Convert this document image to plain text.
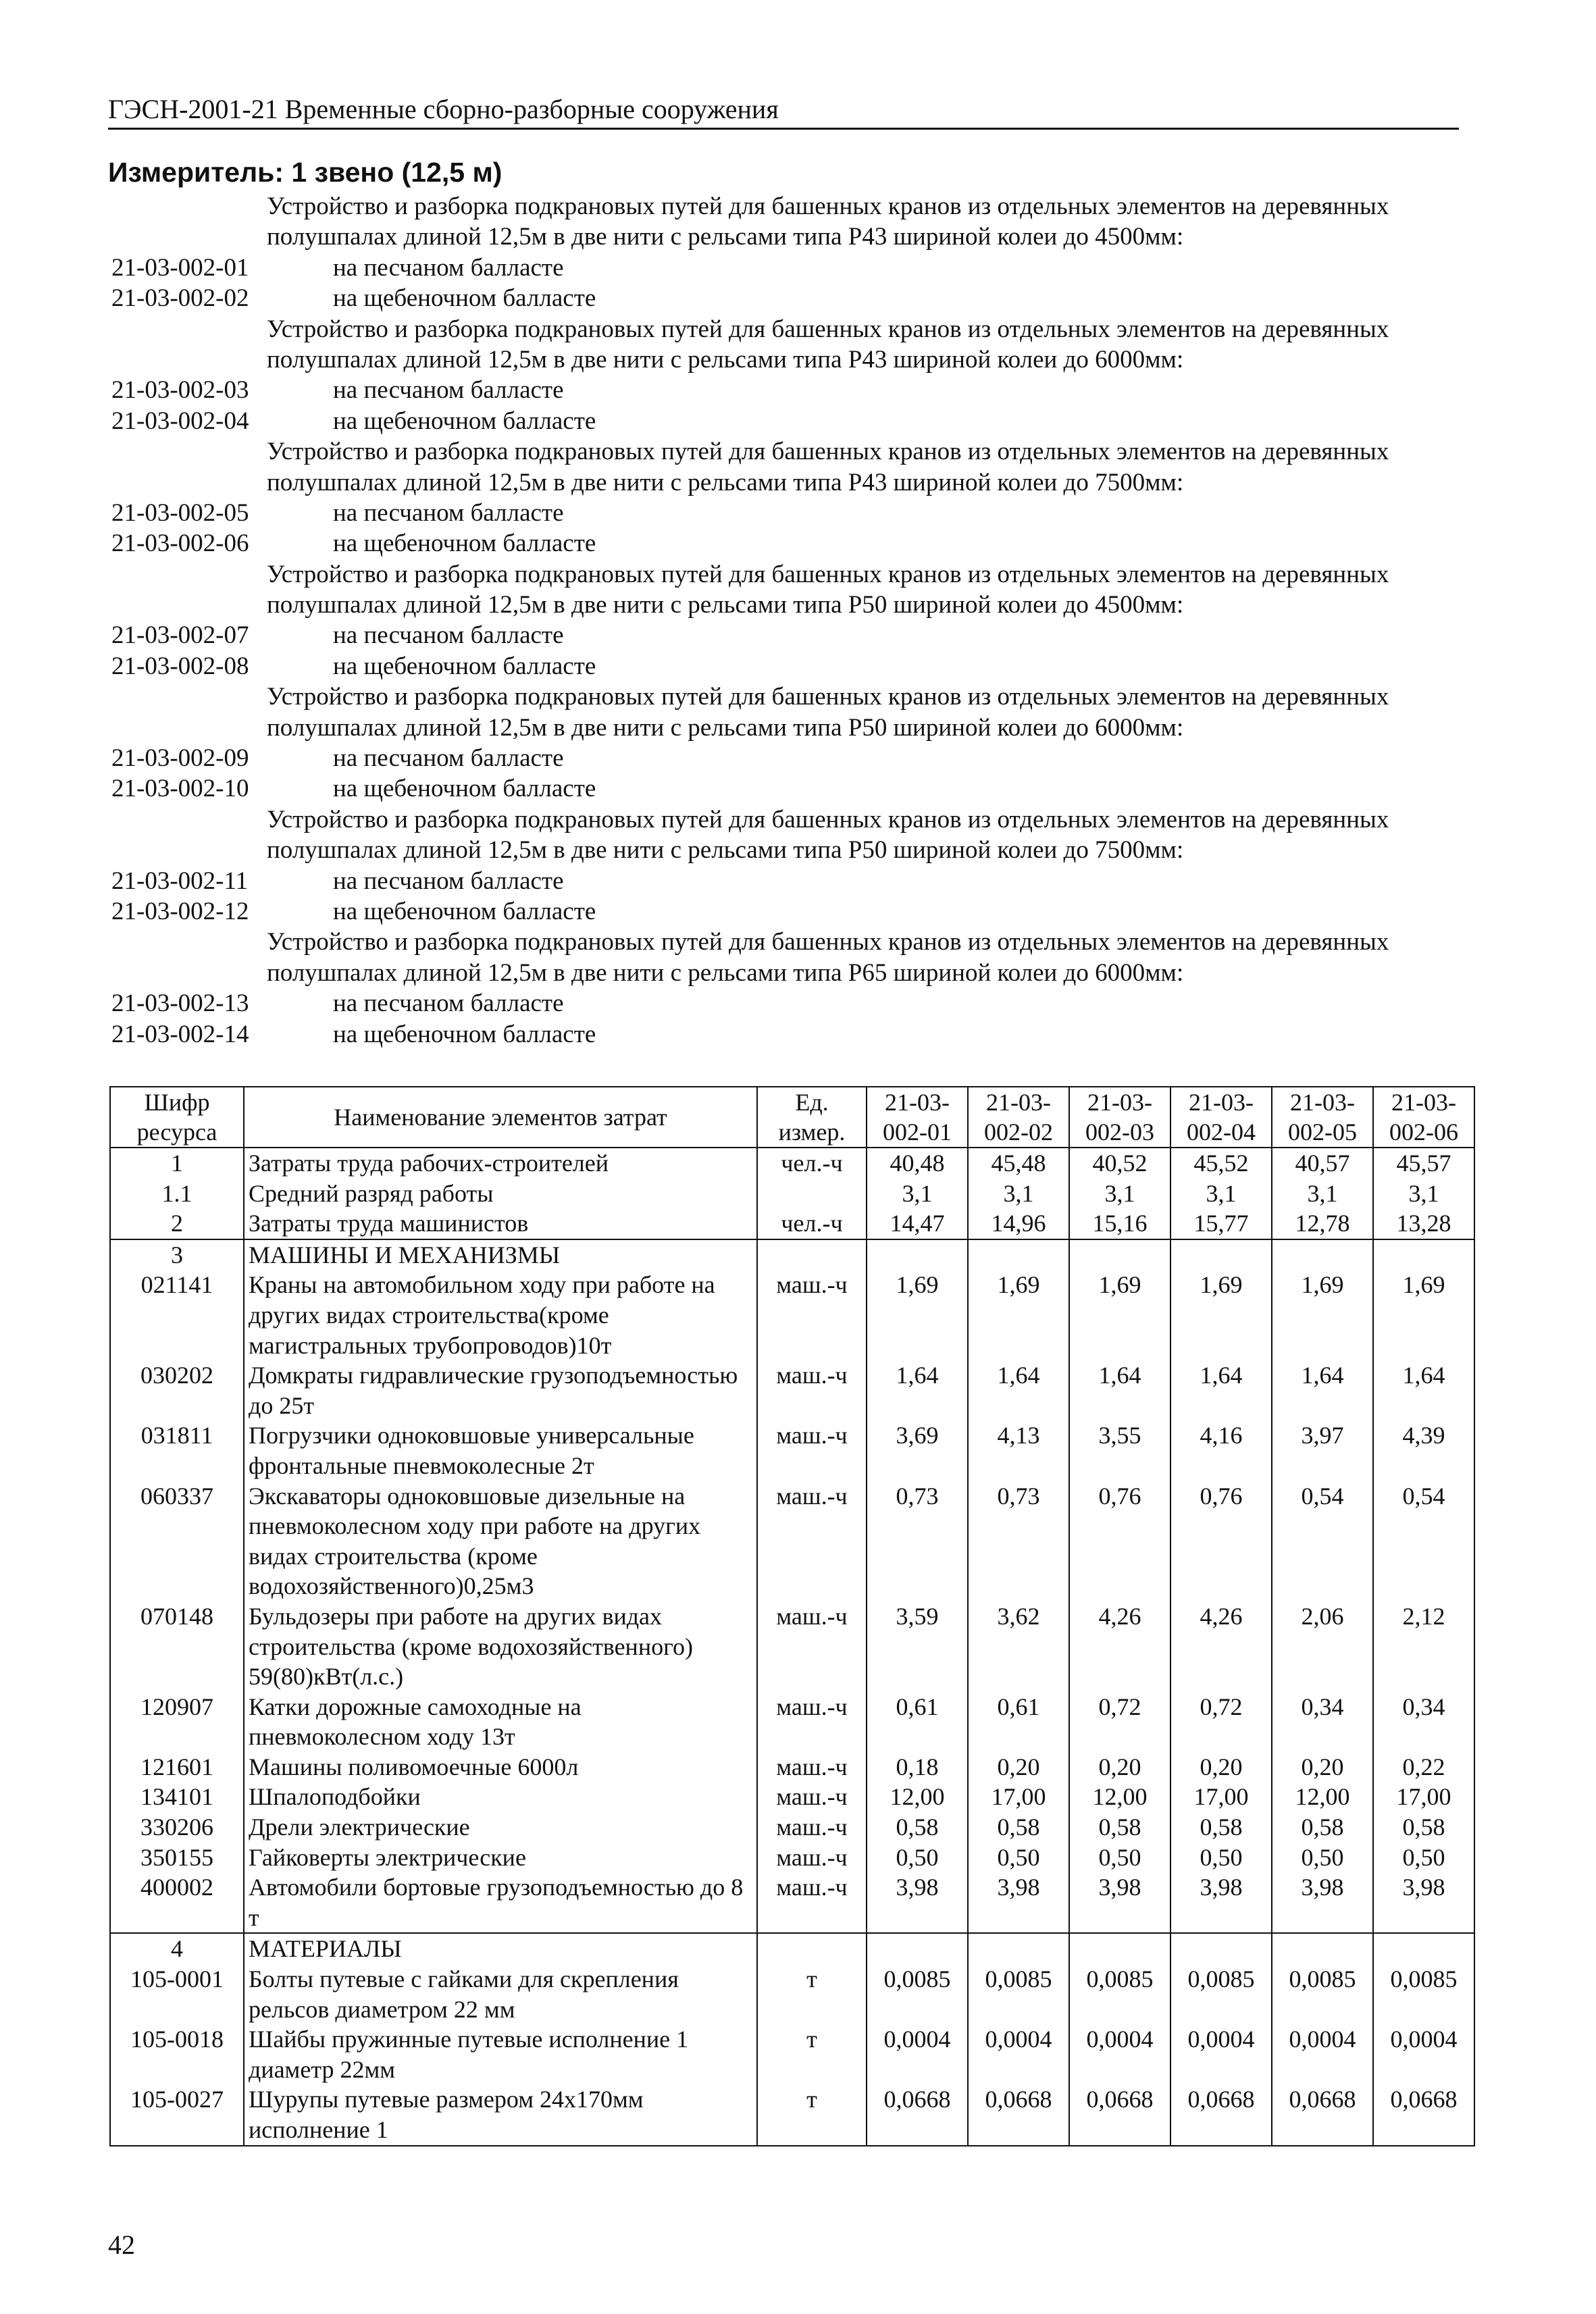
ГЭСН-2001-21 Временные сборно-разборные сооружения
Измеритель: 1 звено (12,5 м)
Устройство и разборка подкрановых путей для башенных кранов из отдельных элементов на деревянных
полушпалах длиной 12,5м в две нити с рельсами типа Р43 шириной колеи до 4500мм:
21-03-002-01	на песчаном балласте
21-03-002-02	на щебеночном балласте
Устройство и разборка подкрановых путей для башенных кранов из отдельных элементов на деревянных
полушпалах длиной 12,5м в две нити с рельсами типа Р43 шириной колеи до 6000мм:
21-03-002-03	на песчаном балласте
21-03-002-04	на щебеночном балласте
Устройство и разборка подкрановых путей для башенных кранов из отдельных элементов на деревянных
полушпалах длиной 12,5м в две нити с рельсами типа Р43 шириной колеи до 7500мм:
21-03-002-05	на песчаном балласте
21-03-002-06	на щебеночном балласте
Устройство и разборка подкрановых путей для башенных кранов из отдельных элементов на деревянных
полушпалах длиной 12,5м в две нити с рельсами типа Р50 шириной колеи до 4500мм:
21-03-002-07	на песчаном балласте
21-03-002-08	на щебеночном балласте
Устройство и разборка подкрановых путей для башенных кранов из отдельных элементов на деревянных
полушпалах длиной 12,5м в две нити с рельсами типа Р50 шириной колеи до 6000мм:
21-03-002-09	на песчаном балласте
21-03-002-10	на щебеночном балласте
Устройство и разборка подкрановых путей для башенных кранов из отдельных элементов на деревянных
полушпалах длиной 12,5м в две нити с рельсами типа Р50 шириной колеи до 7500мм:
21-03-002-11	на песчаном балласте
21-03-002-12	на щебеночном балласте
Устройство и разборка подкрановых путей для башенных кранов из отдельных элементов на деревянных
полушпалах длиной 12,5м в две нити с рельсами типа Р65 шириной колеи до 6000мм:
21-03-002-13	на песчаном балласте
21-03-002-14	на щебеночном балласте
Шифр ресурса	Наименование элементов затрат	Ед. измер.	21-03-002-01	21-03-002-02	21-03-002-03	21-03-002-04	21-03-002-05	21-03-002-06
1	Затраты труда рабочих-строителей	чел.-ч	40,48	45,48	40,52	45,52	40,57	45,57
1.1	Средний разряд работы		3,1	3,1	3,1	3,1	3,1	3,1
2	Затраты труда машинистов	чел.-ч	14,47	14,96	15,16	15,77	12,78	13,28
3	МАШИНЫ И МЕХАНИЗМЫ							
021141	Краны на автомобильном ходу при работе на других видах строительства(кроме магистральных трубопроводов)10т	маш.-ч	1,69	1,69	1,69	1,69	1,69	1,69
030202	Домкраты гидравлические грузоподъемностью до 25т	маш.-ч	1,64	1,64	1,64	1,64	1,64	1,64
031811	Погрузчики одноковшовые универсальные фронтальные пневмоколесные 2т	маш.-ч	3,69	4,13	3,55	4,16	3,97	4,39
060337	Экскаваторы одноковшовые дизельные на пневмоколесном ходу при работе на других видах строительства (кроме водохозяйственного)0,25м3	маш.-ч	0,73	0,73	0,76	0,76	0,54	0,54
070148	Бульдозеры при работе на других видах строительства (кроме водохозяйственного) 59(80)кВт(л.с.)	маш.-ч	3,59	3,62	4,26	4,26	2,06	2,12
120907	Катки дорожные самоходные на пневмоколесном ходу 13т	маш.-ч	0,61	0,61	0,72	0,72	0,34	0,34
121601	Машины поливомоечные 6000л	маш.-ч	0,18	0,20	0,20	0,20	0,20	0,22
134101	Шпалоподбойки	маш.-ч	12,00	17,00	12,00	17,00	12,00	17,00
330206	Дрели электрические	маш.-ч	0,58	0,58	0,58	0,58	0,58	0,58
350155	Гайковерты электрические	маш.-ч	0,50	0,50	0,50	0,50	0,50	0,50
400002	Автомобили бортовые грузоподъемностью до 8 т	маш.-ч	3,98	3,98	3,98	3,98	3,98	3,98
4	МАТЕРИАЛЫ							
105-0001	Болты путевые с гайками для скрепления рельсов диаметром 22 мм	т	0,0085	0,0085	0,0085	0,0085	0,0085	0,0085
105-0018	Шайбы пружинные путевые исполнение 1 диаметр 22мм	т	0,0004	0,0004	0,0004	0,0004	0,0004	0,0004
105-0027	Шурупы путевые размером 24х170мм исполнение 1	т	0,0668	0,0668	0,0668	0,0668	0,0668	0,0668
42
